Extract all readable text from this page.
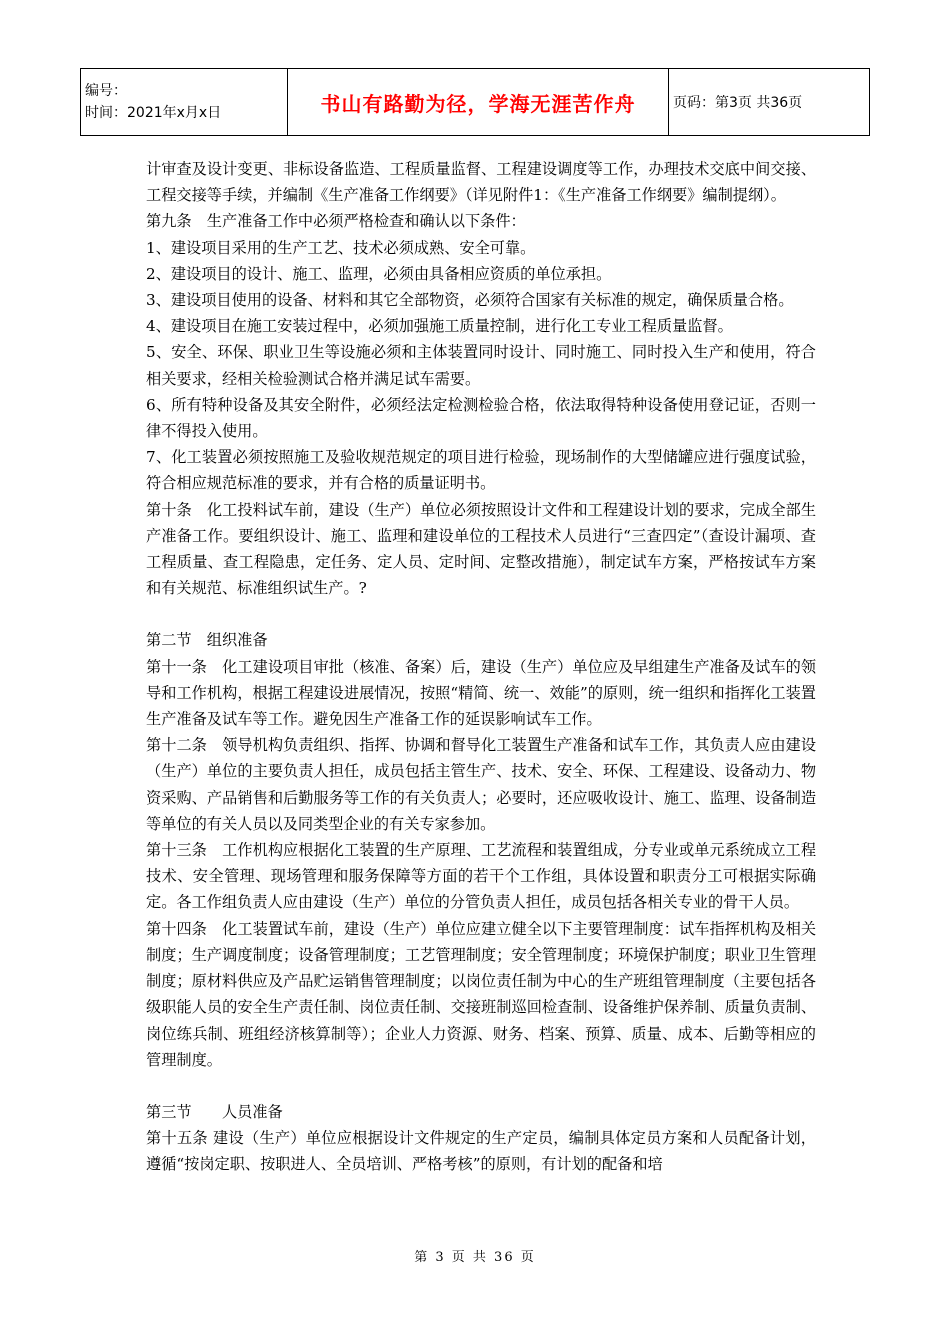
编号：
时间：2021年x月x日	书山有路勤为径，学海无涯苦作舟	页码：第3页 共36页

计审查及设计变更、非标设备监造、工程质量监督、工程建设调度等工作，办理技术交底中间交接、工程交接等手续，并编制《生产准备工作纲要》（详见附件1：《生产准备工作纲要》编制提纲）。

第九条　生产准备工作中必须严格检查和确认以下条件：

1、建设项目采用的生产工艺、技术必须成熟、安全可靠。

2、建设项目的设计、施工、监理，必须由具备相应资质的单位承担。

3、建设项目使用的设备、材料和其它全部物资，必须符合国家有关标准的规定，确保质量合格。

4、建设项目在施工安装过程中，必须加强施工质量控制，进行化工专业工程质量监督。

5、安全、环保、职业卫生等设施必须和主体装置同时设计、同时施工、同时投入生产和使用，符合相关要求，经相关检验测试合格并满足试车需要。

6、所有特种设备及其安全附件，必须经法定检测检验合格，依法取得特种设备使用登记证，否则一律不得投入使用。

7、化工装置必须按照施工及验收规范规定的项目进行检验，现场制作的大型储罐应进行强度试验，符合相应规范标准的要求，并有合格的质量证明书。

第十条　化工投料试车前，建设（生产）单位必须按照设计文件和工程建设计划的要求，完成全部生产准备工作。要组织设计、施工、监理和建设单位的工程技术人员进行“三查四定”（查设计漏项、查工程质量、查工程隐患，定任务、定人员、定时间、定整改措施），制定试车方案，严格按试车方案和有关规范、标准组织试生产。?

第二节　组织准备

第十一条　化工建设项目审批（核准、备案）后，建设（生产）单位应及早组建生产准备及试车的领导和工作机构，根据工程建设进展情况，按照“精简、统一、效能”的原则，统一组织和指挥化工装置生产准备及试车等工作。避免因生产准备工作的延误影响试车工作。

第十二条　领导机构负责组织、指挥、协调和督导化工装置生产准备和试车工作，其负责人应由建设（生产）单位的主要负责人担任，成员包括主管生产、技术、安全、环保、工程建设、设备动力、物资采购、产品销售和后勤服务等工作的有关负责人；必要时，还应吸收设计、施工、监理、设备制造等单位的有关人员以及同类型企业的有关专家参加。

第十三条　工作机构应根据化工装置的生产原理、工艺流程和装置组成，分专业或单元系统成立工程技术、安全管理、现场管理和服务保障等方面的若干个工作组，具体设置和职责分工可根据实际确定。各工作组负责人应由建设（生产）单位的分管负责人担任，成员包括各相关专业的骨干人员。

第十四条　化工装置试车前，建设（生产）单位应建立健全以下主要管理制度：试车指挥机构及相关制度；生产调度制度；设备管理制度；工艺管理制度；安全管理制度；环境保护制度；职业卫生管理制度；原材料供应及产品贮运销售管理制度；以岗位责任制为中心的生产班组管理制度（主要包括各级职能人员的安全生产责任制、岗位责任制、交接班制巡回检查制、设备维护保养制、质量负责制、岗位练兵制、班组经济核算制等）；企业人力资源、财务、档案、预算、质量、成本、后勤等相应的管理制度。

第三节　　人员准备

第十五条 建设（生产）单位应根据设计文件规定的生产定员，编制具体定员方案和人员配备计划，遵循“按岗定职、按职进人、全员培训、严格考核”的原则，有计划的配备和培

第 3 页 共 36 页
